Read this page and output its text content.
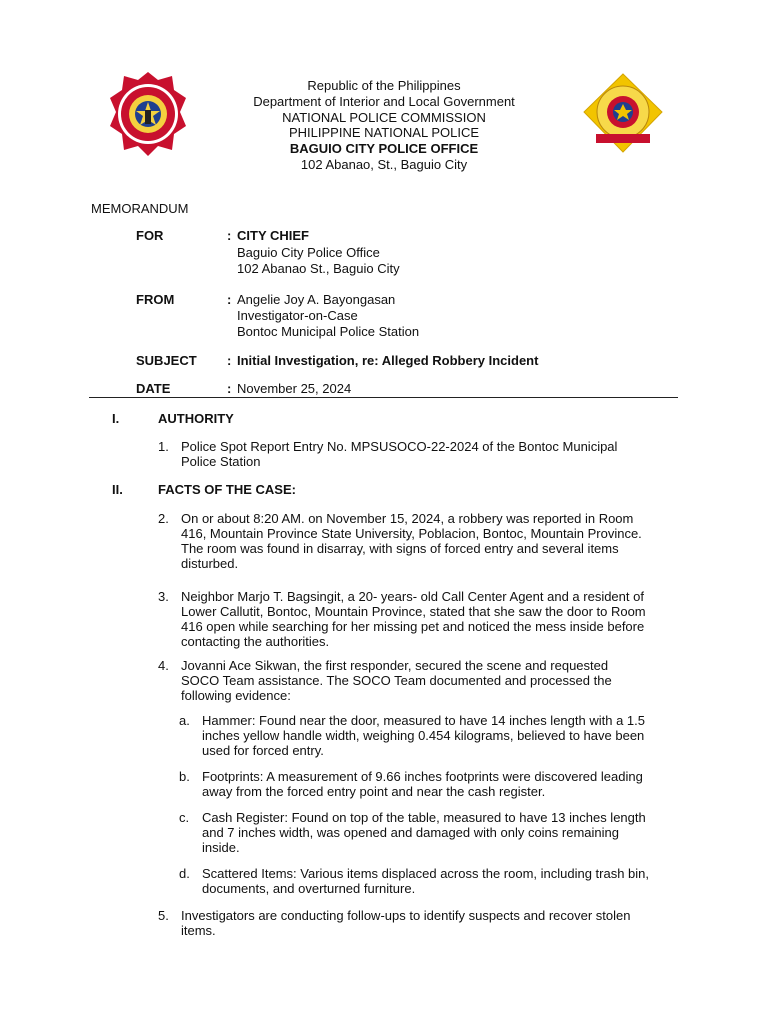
Republic of the Philippines
Department of Interior and Local Government
NATIONAL POLICE COMMISSION
PHILIPPINE NATIONAL POLICE
BAGUIO CITY POLICE OFFICE
102 Abanao, St., Baguio City
MEMORANDUM
FOR	: CITY CHIEF
Baguio City Police Office
102 Abanao St., Baguio City
FROM	: Angelie Joy A. Bayongasan
Investigator-on-Case
Bontoc Municipal Police Station
SUBJECT : Initial Investigation, re: Alleged Robbery Incident
DATE	: November 25, 2024
I.	AUTHORITY
1. Police Spot Report Entry No. MPSUSOCO-22-2024 of the Bontoc Municipal
Police Station
II.	FACTS OF THE CASE:
2. On or about 8:20 AM. on November 15, 2024, a robbery was reported in Room
416, Mountain Province State University, Poblacion, Bontoc, Mountain Province.
The room was found in disarray, with signs of forced entry and several items
disturbed.
3. Neighbor Marjo T. Bagsingit, a 20- years- old Call Center Agent and a resident of
Lower Callutit, Bontoc, Mountain Province, stated that she saw the door to Room
416 open while searching for her missing pet and noticed the mess inside before
contacting the authorities.
4. Jovanni Ace Sikwan, the first responder, secured the scene and requested
SOCO Team assistance. The SOCO Team documented and processed the
following evidence:
a. Hammer: Found near the door, measured to have 14 inches length with a 1.5
inches yellow handle width, weighing 0.454 kilograms, believed to have been
used for forced entry.
b. Footprints: A measurement of 9.66 inches footprints were discovered leading
away from the forced entry point and near the cash register.
c. Cash Register: Found on top of the table, measured to have 13 inches length
and 7 inches width, was opened and damaged with only coins remaining
inside.
d. Scattered Items: Various items displaced across the room, including trash bin,
documents, and overturned furniture.
5. Investigators are conducting follow-ups to identify suspects and recover stolen
items.
